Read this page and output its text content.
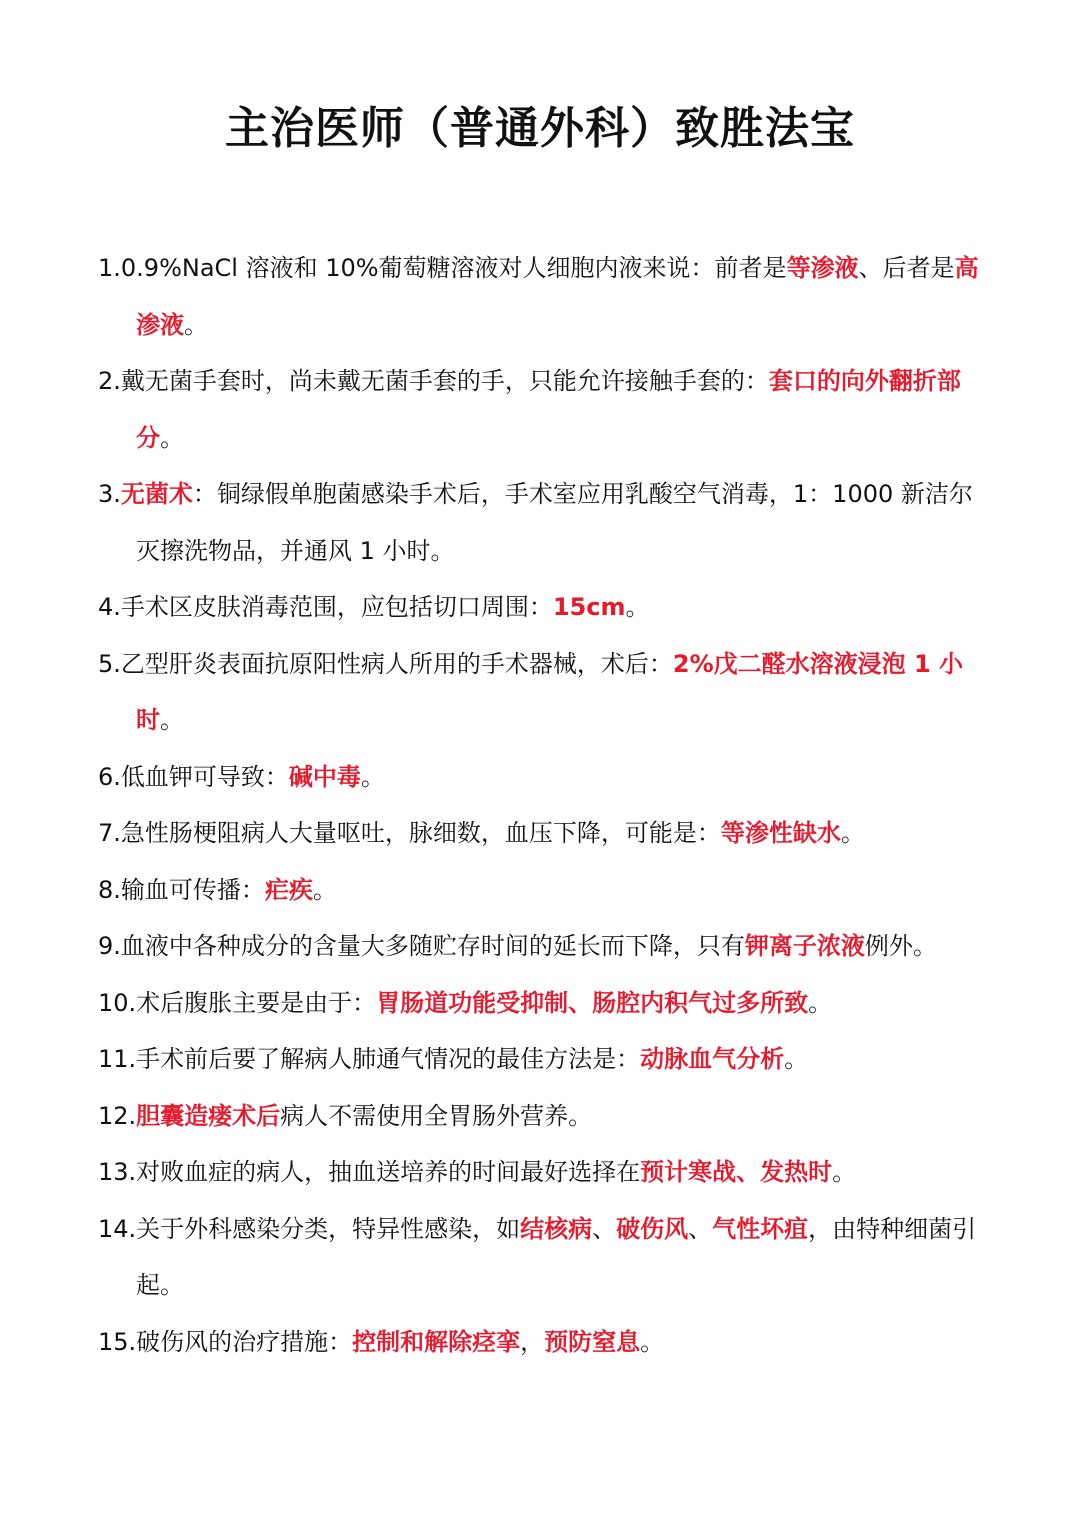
主治医师（普通外科）致胜法宝

1.0.9%NaCl 溶液和 10%葡萄糖溶液对人细胞内液来说：前者是等渗液、后者是高渗液。

2.戴无菌手套时，尚未戴无菌手套的手，只能允许接触手套的：套口的向外翻折部分。

3.无菌术：铜绿假单胞菌感染手术后，手术室应用乳酸空气消毒，1：1000 新洁尔灭擦洗物品，并通风 1 小时。

4.手术区皮肤消毒范围，应包括切口周围：15cm。

5.乙型肝炎表面抗原阳性病人所用的手术器械，术后：2%戊二醛水溶液浸泡 1 小时。

6.低血钾可导致：碱中毒。

7.急性肠梗阻病人大量呕吐，脉细数，血压下降，可能是：等渗性缺水。

8.输血可传播：疟疾。

9.血液中各种成分的含量大多随贮存时间的延长而下降，只有钾离子浓液例外。

10.术后腹胀主要是由于：胃肠道功能受抑制、肠腔内积气过多所致。

11.手术前后要了解病人肺通气情况的最佳方法是：动脉血气分析。

12.胆囊造瘘术后病人不需使用全胃肠外营养。

13.对败血症的病人，抽血送培养的时间最好选择在预计寒战、发热时。

14.关于外科感染分类，特异性感染，如结核病、破伤风、气性坏疽，由特种细菌引起。

15.破伤风的治疗措施：控制和解除痉挛，预防窒息。
